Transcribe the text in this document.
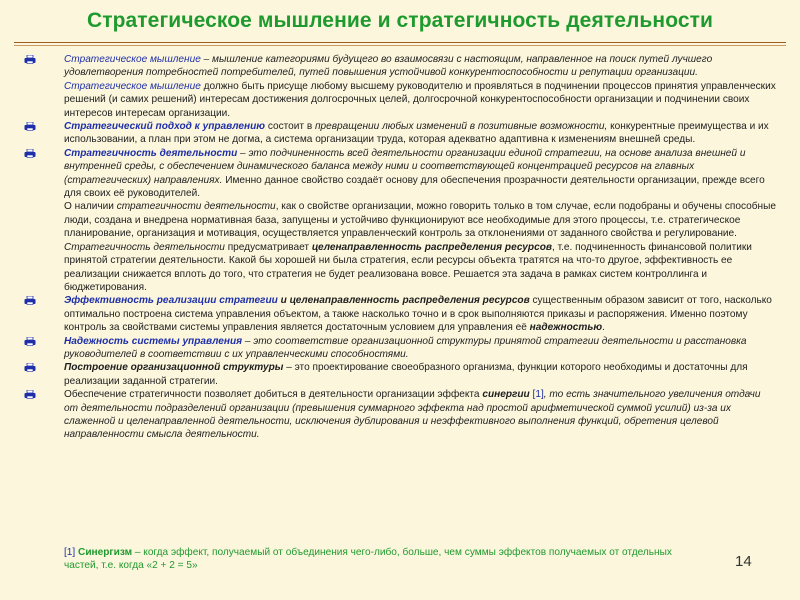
Стратегическое мышление и стратегичность деятельности
Стратегическое мышление – мышление категориями будущего во взаимосвязи с настоящим, направленное на поиск путей лучшего удовлетворения потребностей потребителей, путей повышения устойчивой конкурентоспособности и репутации организации.
Стратегическое мышление должно быть присуще любому высшему руководителю и проявляться в подчинении процессов принятия управленческих решений (и самих решений) интересам достижения долгосрочных целей, долгосрочной конкурентоспособности организации и подчинении своих интересов интересам организации.
Стратегический подход к управлению состоит в превращении любых изменений в позитивные возможности, конкурентные преимущества и их использовании, а план при этом не догма, а система организации труда, которая адекватно адаптивна к изменениям внешней среды.
Стратегичность деятельности – это подчиненность всей деятельности организации единой стратегии, на основе анализа внешней и внутренней среды, с обеспечением динамического баланса между ними и соответствующей концентрацией ресурсов на главных (стратегических) направлениях. Именно данное свойство создаёт основу для обеспечения прозрачности деятельности организации, прежде всего для своих её руководителей.
О наличии стратегичности деятельности, как о свойстве организации, можно говорить только в том случае, если подобраны и обучены способные люди, создана и внедрена нормативная база, запущены и устойчиво функционируют все необходимые для этого процессы, т.е. стратегическое планирование, организация и мотивация, осуществляется управленческий контроль за отклонениями от заданного свойства и регулирование.
Стратегичность деятельности предусматривает целенаправленность распределения ресурсов, т.е. подчиненность финансовой политики принятой стратегии деятельности. Какой бы хорошей ни была стратегия, если ресурсы объекта тратятся на что-то другое, эффективность ее реализации снижается вплоть до того, что стратегия не будет реализована вовсе. Решается эта задача в рамках систем контроллинга и бюджетирования.
Эффективность реализации стратегии и целенаправленность распределения ресурсов существенным образом зависит от того, насколько оптимально построена система управления объектом, а также насколько точно и в срок выполняются приказы и распоряжения. Именно поэтому контроль за свойствами системы управления является достаточным условием для управления её надежностью.
Надежность системы управления – это соответствие организационной структуры принятой стратегии деятельности и расстановка руководителей в соответствии с их управленческими способностями.
Построение организационной структуры – это проектирование своеобразного организма, функции которого необходимы и достаточны для реализации заданной стратегии.
Обеспечение стратегичности позволяет добиться в деятельности организации эффекта синергии [1], то есть значительного увеличения отдачи от деятельности подразделений организации (превышения суммарного эффекта над простой арифметической суммой усилий) из-за их слаженной и целенаправленной деятельности, исключения дублирования и неэффективного выполнения функций, обретения целевой направленности смысла деятельности.
[1] Синергизм – когда эффект, получаемый от объединения чего-либо, больше, чем суммы эффектов получаемых от отдельных частей, т.е. когда «2 + 2 = 5»	14
